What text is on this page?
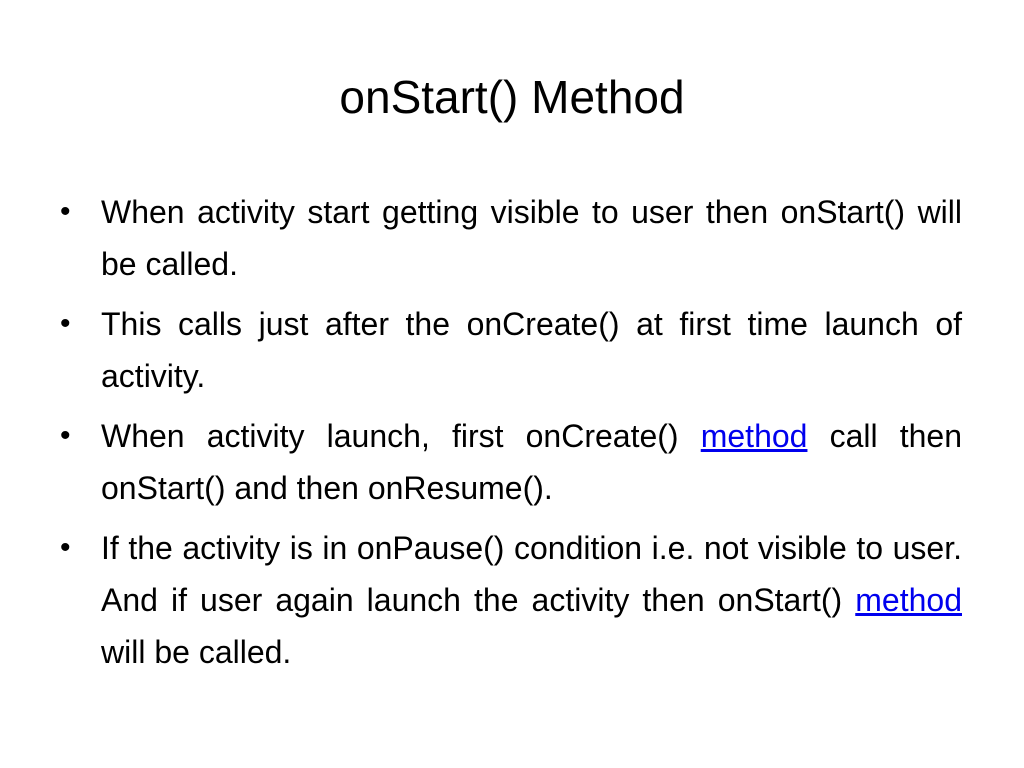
onStart() Method
• When activity start getting visible to user then onStart() will be called.
• This calls just after the onCreate() at first time launch of activity.
• When activity launch, first onCreate() method call then onStart() and then onResume().
• If the activity is in onPause() condition i.e. not visible to user. And if user again launch the activity then onStart() method will be called.
